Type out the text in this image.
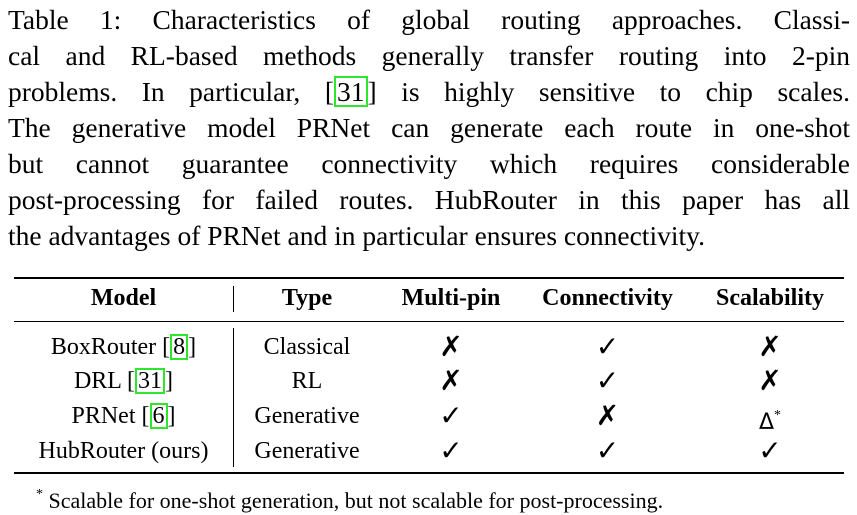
Table 1: Characteristics of global routing approaches. Classi-
cal and RL-based methods generally transfer routing into 2-pin
problems. In particular, [ 31 ] is highly sensitive to chip scales.
The generative model PRNet can generate each route in one-shot
but cannot guarantee connectivity which requires considerable
post-processing for failed routes. HubRouter in this paper has all
the advantages of PRNet and in particular ensures connectivity.
Model	Type	Multi-pin	Connectivity	Scalability
BoxRouter [ 8 ]	Classical	✗	✓	✗
DRL [ 31 ]	RL	✗	✓	✗
PRNet [ 6 ]	Generative	✓	✗	Δ*
HubRouter (ours)	Generative	✓	✓	✓
* Scalable for one-shot generation, but not scalable for post-processing.
